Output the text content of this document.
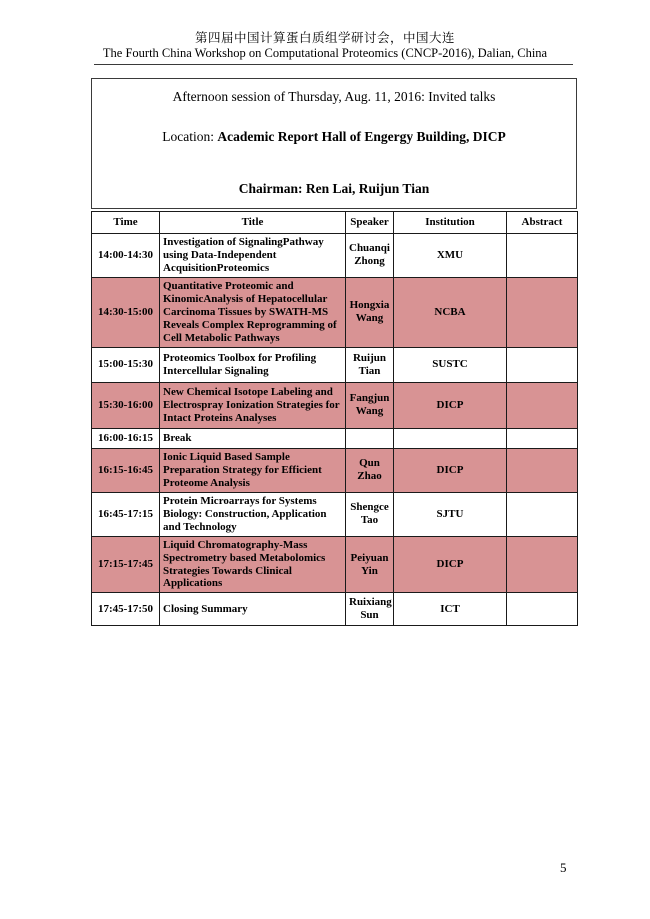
第四届中国计算蛋白质组学研讨会，中国大连
The Fourth China Workshop on Computational Proteomics (CNCP-2016), Dalian, China
Afternoon session of Thursday, Aug. 11, 2016: Invited talks
Location: Academic Report Hall of Engergy Building, DICP
Chairman: Ren Lai, Ruijun Tian
Time	Title	Speaker	Institution	Abstract
14:00-14:30	Investigation of SignalingPathway using Data-Independent AcquisitionProteomics	Chuanqi Zhong	XMU	
14:30-15:00	Quantitative Proteomic and KinomicAnalysis of Hepatocellular Carcinoma Tissues by SWATH-MS Reveals Complex Reprogramming of Cell Metabolic Pathways	Hongxia Wang	NCBA	
15:00-15:30	Proteomics Toolbox for Profiling Intercellular Signaling	Ruijun Tian	SUSTC	
15:30-16:00	New Chemical Isotope Labeling and Electrospray Ionization Strategies for Intact Proteins Analyses	Fangjun Wang	DICP	
16:00-16:15	Break			
16:15-16:45	Ionic Liquid Based Sample Preparation Strategy for Efficient Proteome Analysis	Qun Zhao	DICP	
16:45-17:15	Protein Microarrays for Systems Biology: Construction, Application and Technology	Shengce Tao	SJTU	
17:15-17:45	Liquid Chromatography-Mass Spectrometry based Metabolomics Strategies Towards Clinical Applications	Peiyuan Yin	DICP	
17:45-17:50	Closing Summary	Ruixiang Sun	ICT	
5
